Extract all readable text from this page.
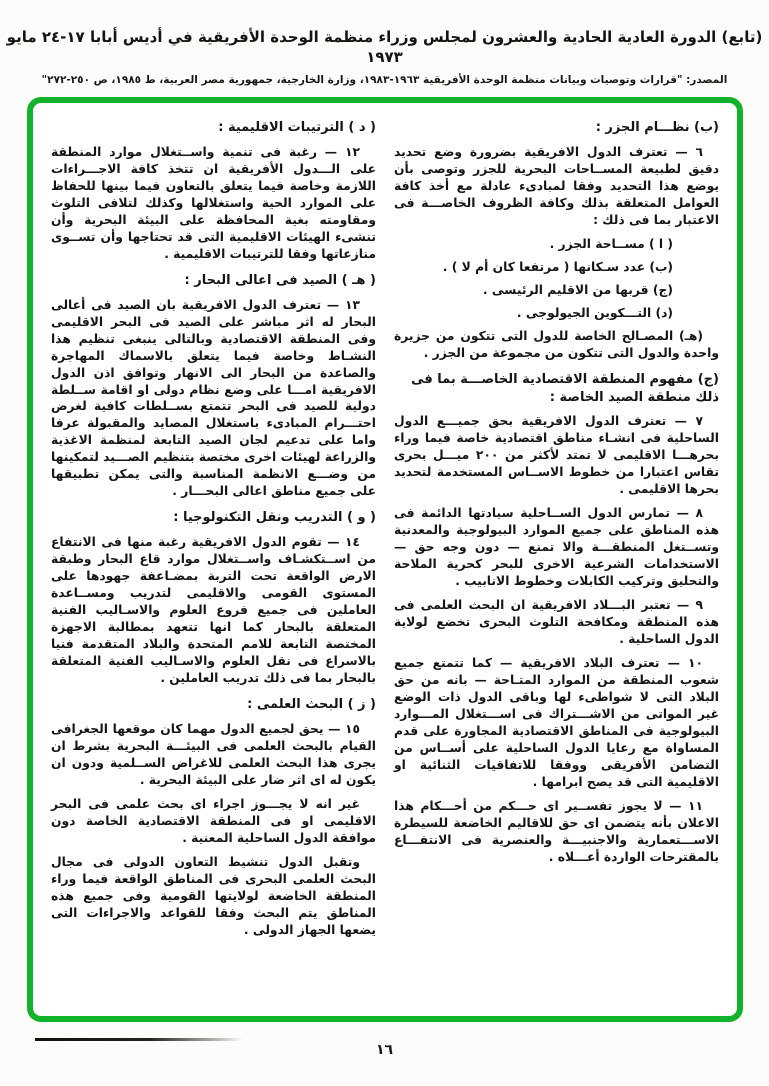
(تابع) الدورة العادية الحادية والعشرون لمجلس وزراء منظمة الوحدة الأفريقية في أديس أبابا ١٧-٢٤ مايو ١٩٧٣
المصدر: "قرارات وتوصيات وبيانات منظمة الوحدة الأفريقية ١٩٦٣-١٩٨٣، وزارة الخارجية، جمهورية مصر العربية، ط ١٩٨٥، ص ٢٥٠-٢٧٢"
(ب) نظـــام الجزر :
٦ — تعترف الدول الافريقية بضرورة وضع تحديد دقيق لطبيعة المســاحات البحرية للجزر وتوصى بأن يوضع هذا التحديد وفقا لمبادىء عادلة مع أخذ كافة العوامل المتعلقة بذلك وكافة الظروف الخاصـــة فى الاعتبار بما فى ذلك :
( ا ) مســاحة الجزر .
(ب) عدد سـكانها ( مرتفعا كان أم لا ) .
(ج) قربها من الاقليم الرئيسى .
(د) التـــكوين الجيولوجى .
(هـ) المصـالح الخاصة للدول التى تتكون من جزيرة واحدة والدول التى تتكون من مجموعة من الجزر .
(ج) مفهوم المنطقة الاقتصادية الخاصـــة بما فى ذلك منطقة الصيد الخاصة :
٧ — تعترف الدول الافريقية بحق جميـــع الدول الساحلية فى انشـاء مناطق اقتصادية خاصة فيما وراء بحرهـــا الاقليمى لا تمتد لأكثر من ٢٠٠ ميـــل بحرى تقاس اعتبارا من خطوط الاســاس المستخدمة لتحديد بحرها الاقليمى .
٨ — تمارس الدول الســاحلية سيادتها الدائمة فى هذه المناطق على جميع الموارد البيولوجية والمعدنية وتســتغل المنطقـــة والا تمنع — دون وجه حق — الاستخدامات الشرعية الاخرى للبحر كحرية الملاحة والتحليق وتركيب الكابلات وخطوط الانابيب .
٩ — تعتبر البـــلاد الافريقية ان البحث العلمى فى هذه المنطقة ومكافحة التلوث البحرى تخضع لولاية الدول الساحلية .
١٠ — تعترف البلاد الافريقية — كما تتمتع جميع شعوب المنطقة من الموارد المتـاحة — بانه من حق البلاد التى لا شواطىء لها وباقى الدول ذات الوضع غير المواتى من الاشـــتراك فى اســـتغلال المـــوارد البيولوجية فى المناطق الاقتصادية المجاورة على قدم المساواة مع رعايا الدول الساحلية على أســاس من التضامن الأفريقى ووفقا للاتفاقيات الثنائية او الاقليمية التى قد يصح ابرامها .
١١ — لا يجوز تفســير اى حـــكم من أحـــكام هذا الاعلان بأنه يتضمن اى حق للاقاليم الخاضعة للسيطرة الاســـتعمارية والاجنبيـــة والعنصرية فى الانتفـــاع بالمقترحات الواردة أعـــلاه .
( د ) الترتيبات الاقليمية :
١٢ — رغبة فى تنمية واســتغلال موارد المنطقة على الـــدول الأفريقية ان تتخذ كافة الاجـــراءات اللازمة وخاصة فيما يتعلق بالتعاون فيما بينها للحفاظ على الموارد الحية واستغلالها وكذلك لتلافى التلوث ومقاومته بغية المحافظة على البيئة البحرية وأن تنشىء الهيئات الاقليمية التى قد تحتاجها وأن تســوى منازعاتها وفقا للترتيبات الاقليمية .
( هـ ) الصيد فى اعالى البحار :
١٣ — تعترف الدول الافريقية بان الصيد فى أعالى البحار له اثر مباشر على الصيد فى البحر الاقليمى وفى المنطقة الاقتصادية وبالتالى ينبغى تنظيم هذا النشـاط وخاصة فيما يتعلق بالاسماك المهاجرة والصاعدة من البحار الى الانهار وتوافق اذن الدول الافريقية امـــا على وضع نظام دولى او اقامة ســلطة دولية للصيد فى البحر تتمتع بســلطات كافية لغرض احتـــرام المبادىء باستغلال المصايد والمقبولة عرفا واما على تدعيم لجان الصيد التابعة لمنظمة الاغذية والزراعة لهيئات اخرى مختصة بتنظيم الصـــيد لتمكينها من وضـــع الانظمة المناسبة والتى يمكن تطبيقها على جميع مناطق اعالى البحـــار .
( و ) التدريب ونقل التكنولوجيا :
١٤ — تقوم الدول الافريقية رغبة منها فى الانتفاع من اســتكشـاف واســتغلال موارد قاع البحار وطبقة الارض الواقعة تحت التربة بمضـاعفة جهودها على المستوى القومى والاقليمى لتدريب ومســاعدة العاملين فى جميع فروع العلوم والاسـاليب الفنية المتعلقة بالبحار كما انها تتعهد بمطالبة الاجهزة المختصة التابعة للامم المتحدة والبلاد المتقدمة فنيا بالاسراع فى نقل العلوم والاسـاليب الفنية المتعلقة بالبحار بما فى ذلك تدريب العاملين .
( ز ) البحث العلمى :
١٥ — يحق لجميع الدول مهما كان موقعها الجغرافى القيام بالبحث العلمى فى البيئـــة البحرية بشرط ان يجرى هذا البحث العلمى للاغراض الســلمية ودون ان يكون له اى اثر ضار على البيئة البحرية .
غير انه لا يجـــوز اجراء اى بحث علمى فى البحر الاقليمى او فى المنطقة الاقتصادية الخاصة دون موافقة الدول الساحلية المعنية .
وتقبل الدول تنشيط التعاون الدولى فى مجال البحث العلمى البحرى فى المناطق الواقعة فيما وراء المنطقة الخاضعة لولايتها القومية وفى جميع هذه المناطق يتم البحث وفقا للقواعد والاجراءات التى يضعها الجهاز الدولى .
١٦
